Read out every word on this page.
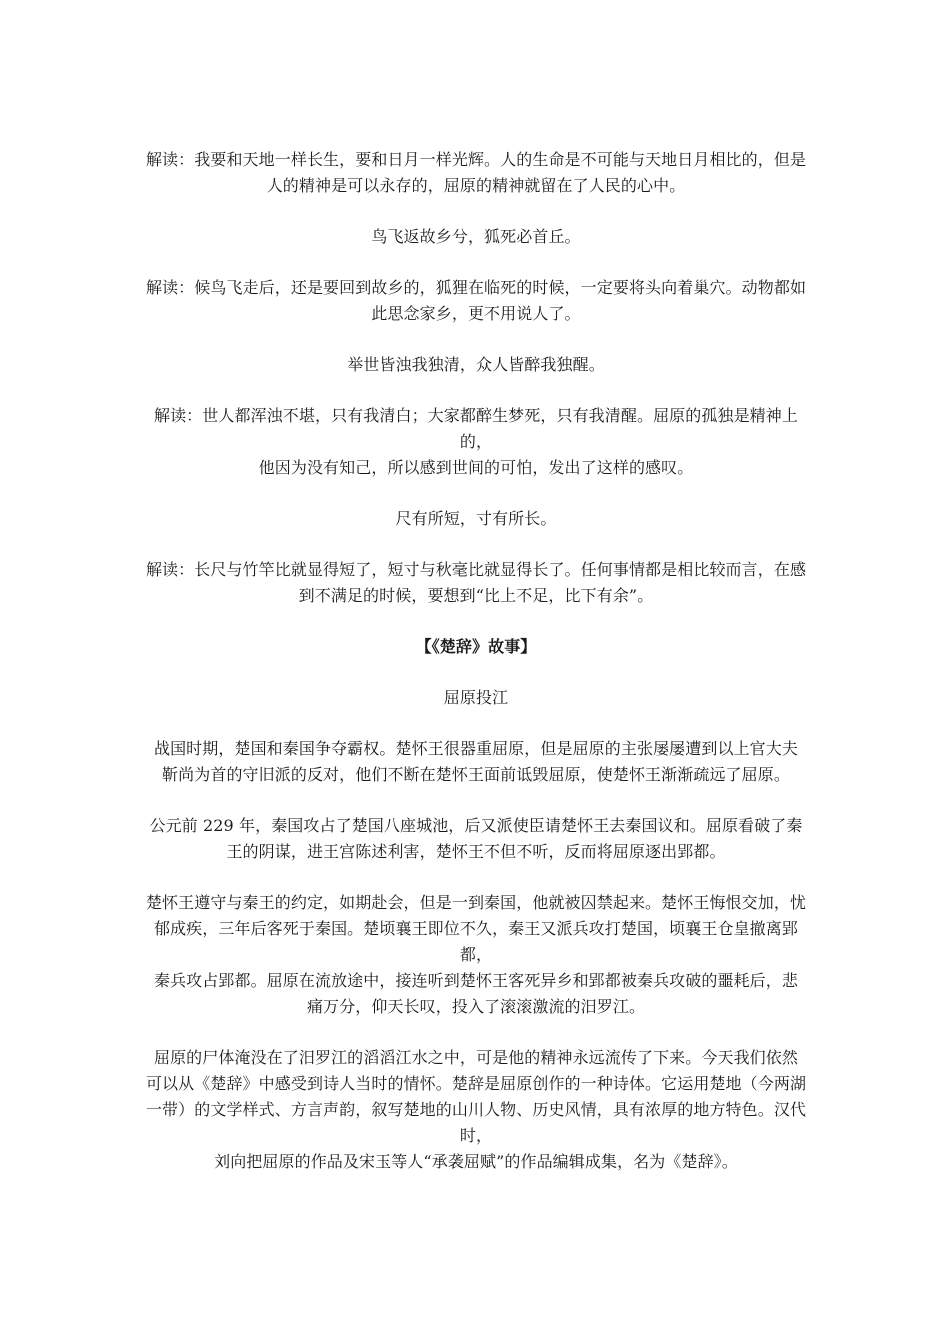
解读：我要和天地一样长生，要和日月一样光辉。人的生命是不可能与天地日月相比的，但是
人的精神是可以永存的，屈原的精神就留在了人民的心中。

鸟飞返故乡兮，狐死必首丘。

解读：候鸟飞走后，还是要回到故乡的，狐狸在临死的时候，一定要将头向着巢穴。动物都如
此思念家乡，更不用说人了。

举世皆浊我独清，众人皆醉我独醒。

解读：世人都浑浊不堪，只有我清白；大家都醉生梦死，只有我清醒。屈原的孤独是精神上的，
他因为没有知己，所以感到世间的可怕，发出了这样的感叹。

尺有所短，寸有所长。

解读：长尺与竹竿比就显得短了，短寸与秋毫比就显得长了。任何事情都是相比较而言，在感
到不满足的时候，要想到“比上不足，比下有余”。

【《楚辞》故事】

屈原投江

战国时期，楚国和秦国争夺霸权。楚怀王很器重屈原，但是屈原的主张屡屡遭到以上官大夫
靳尚为首的守旧派的反对，他们不断在楚怀王面前诋毁屈原，使楚怀王渐渐疏远了屈原。

公元前 229 年，秦国攻占了楚国八座城池，后又派使臣请楚怀王去秦国议和。屈原看破了秦
王的阴谋，进王宫陈述利害，楚怀王不但不听，反而将屈原逐出郢都。

楚怀王遵守与秦王的约定，如期赴会，但是一到秦国，他就被囚禁起来。楚怀王悔恨交加，忧
郁成疾，三年后客死于秦国。楚顷襄王即位不久，秦王又派兵攻打楚国，顷襄王仓皇撤离郢都，
秦兵攻占郢都。屈原在流放途中，接连听到楚怀王客死异乡和郢都被秦兵攻破的噩耗后，悲
痛万分，仰天长叹，投入了滚滚激流的汨罗江。

屈原的尸体淹没在了汨罗江的滔滔江水之中，可是他的精神永远流传了下来。今天我们依然
可以从《楚辞》中感受到诗人当时的情怀。楚辞是屈原创作的一种诗体。它运用楚地（今两湖
一带）的文学样式、方言声韵，叙写楚地的山川人物、历史风情，具有浓厚的地方特色。汉代时，
刘向把屈原的作品及宋玉等人“承袭屈赋”的作品编辑成集，名为《楚辞》。
